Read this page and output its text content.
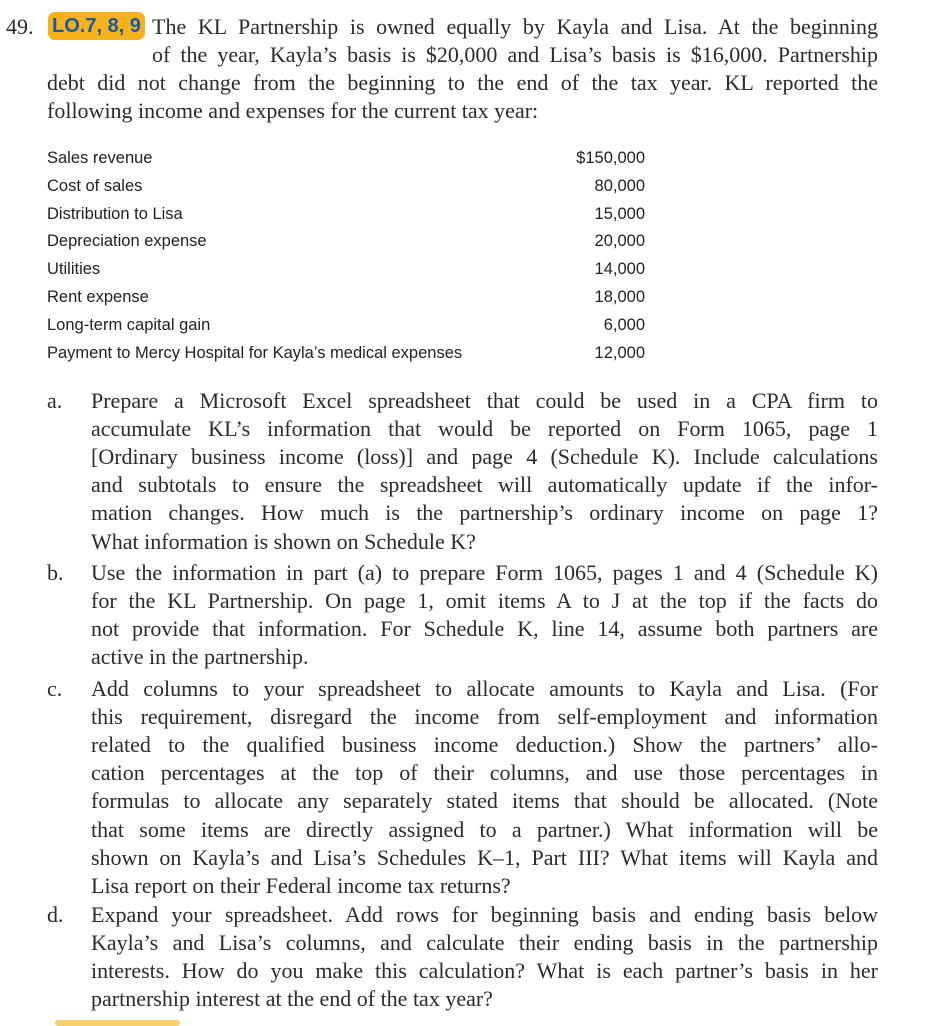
49. LO.7, 8, 9 The KL Partnership is owned equally by Kayla and Lisa. At the beginning
of the year, Kayla’s basis is $20,000 and Lisa’s basis is $16,000. Partnership
debt did not change from the beginning to the end of the tax year. KL reported the
following income and expenses for the current tax year:
Sales revenue	$150,000
Cost of sales	80,000
Distribution to Lisa	15,000
Depreciation expense	20,000
Utilities	14,000
Rent expense	18,000
Long-term capital gain	6,000
Payment to Mercy Hospital for Kayla’s medical expenses	12,000
a. Prepare a Microsoft Excel spreadsheet that could be used in a CPA firm to
accumulate KL’s information that would be reported on Form 1065, page 1
[Ordinary business income (loss)] and page 4 (Schedule K). Include calculations
and subtotals to ensure the spreadsheet will automatically update if the infor-
mation changes. How much is the partnership’s ordinary income on page 1?
What information is shown on Schedule K?
b. Use the information in part (a) to prepare Form 1065, pages 1 and 4 (Schedule K)
for the KL Partnership. On page 1, omit items A to J at the top if the facts do
not provide that information. For Schedule K, line 14, assume both partners are
active in the partnership.
c. Add columns to your spreadsheet to allocate amounts to Kayla and Lisa. (For
this requirement, disregard the income from self-employment and information
related to the qualified business income deduction.) Show the partners’ allo-
cation percentages at the top of their columns, and use those percentages in
formulas to allocate any separately stated items that should be allocated. (Note
that some items are directly assigned to a partner.) What information will be
shown on Kayla’s and Lisa’s Schedules K–1, Part III? What items will Kayla and
Lisa report on their Federal income tax returns?
d. Expand your spreadsheet. Add rows for beginning basis and ending basis below
Kayla’s and Lisa’s columns, and calculate their ending basis in the partnership
interests. How do you make this calculation? What is each partner’s basis in her
partnership interest at the end of the tax year?
